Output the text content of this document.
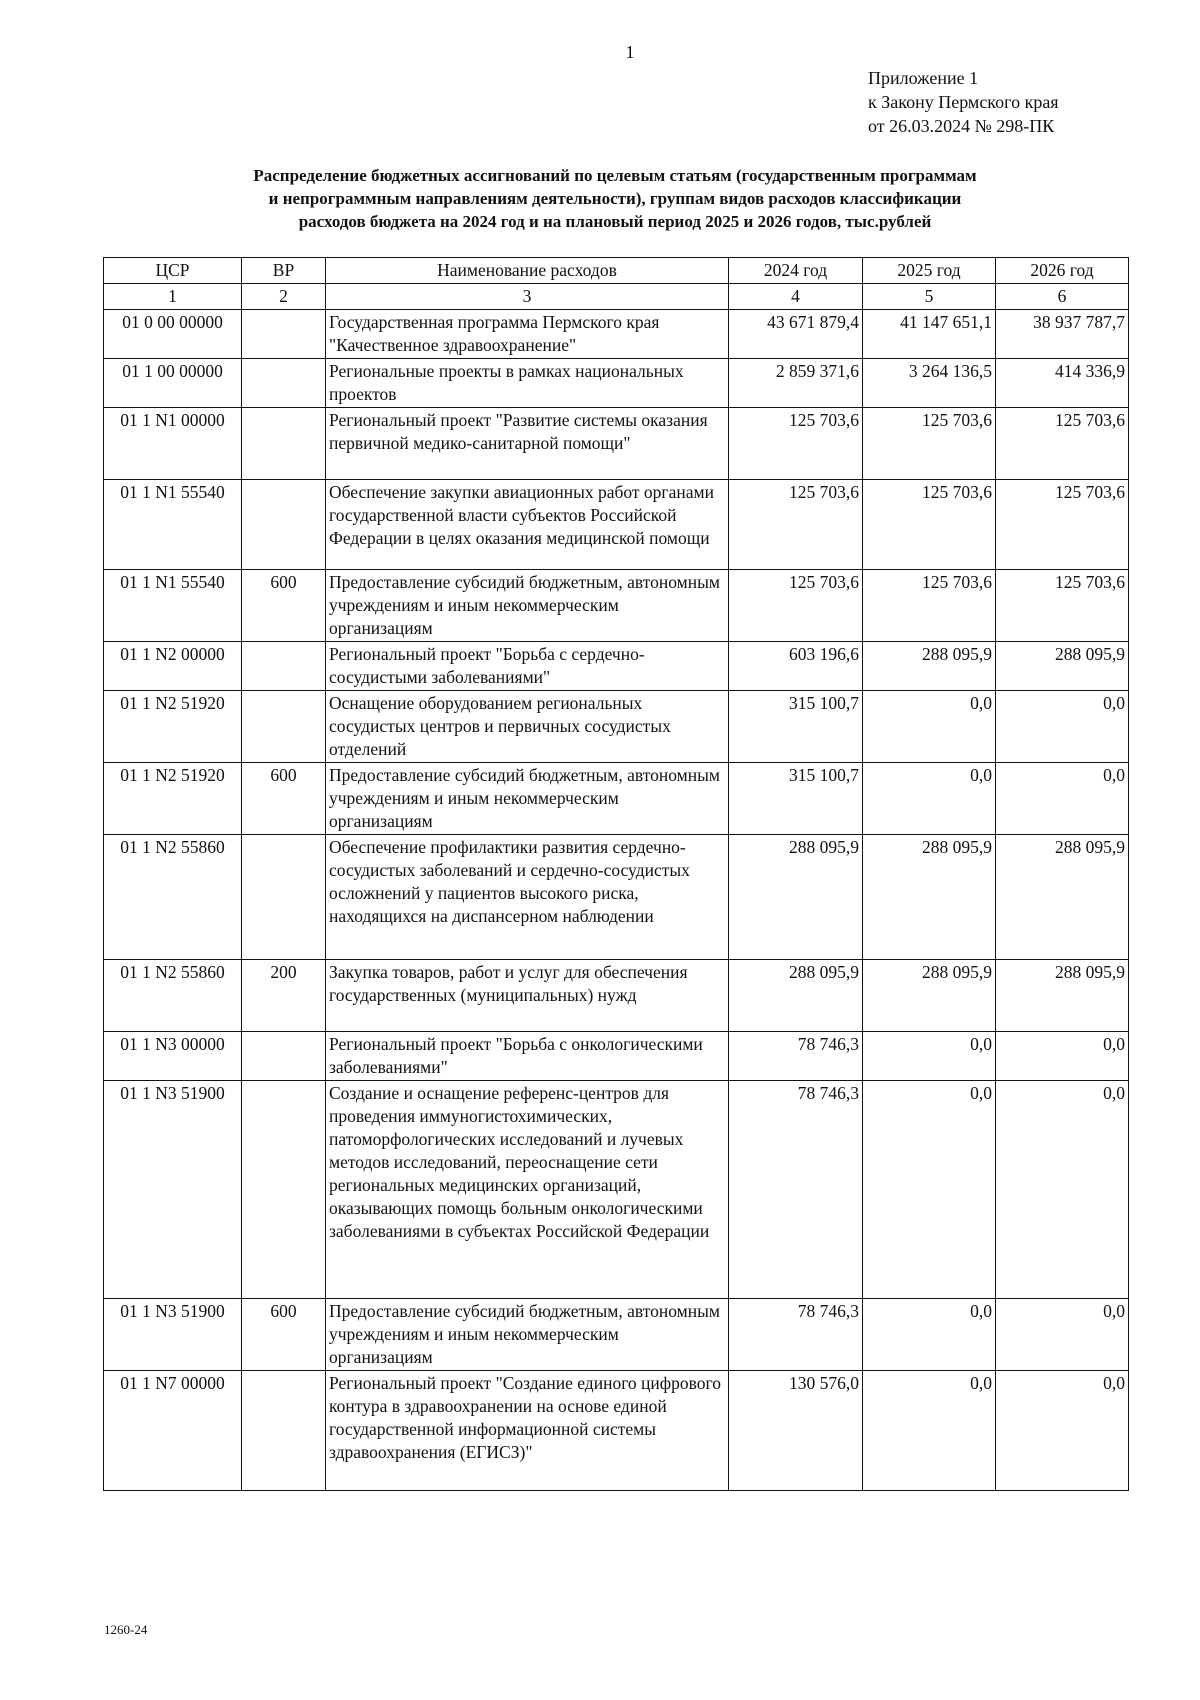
1
Приложение 1
к Закону Пермского края
от 26.03.2024 № 298-ПК
Распределение бюджетных ассигнований по целевым статьям (государственным программам
и непрограммным направлениям деятельности), группам видов расходов классификации
расходов бюджета на 2024 год и на плановый период 2025 и 2026 годов, тыс.рублей
ЦСР	ВР	Наименование расходов	2024 год	2025 год	2026 год
1	2	3	4	5	6
01 0 00 00000		Государственная программа Пермского края "Качественное здравоохранение"	43 671 879,4	41 147 651,1	38 937 787,7
01 1 00 00000		Региональные проекты в рамках национальных проектов	2 859 371,6	3 264 136,5	414 336,9
01 1 N1 00000		Региональный проект "Развитие системы оказания первичной медико-санитарной помощи"	125 703,6	125 703,6	125 703,6
01 1 N1 55540		Обеспечение закупки авиационных работ органами государственной власти субъектов Российской Федерации в целях оказания медицинской помощи	125 703,6	125 703,6	125 703,6
01 1 N1 55540	600	Предоставление субсидий бюджетным, автономным учреждениям и иным некоммерческим организациям	125 703,6	125 703,6	125 703,6
01 1 N2 00000		Региональный проект "Борьба с сердечно-сосудистыми заболеваниями"	603 196,6	288 095,9	288 095,9
01 1 N2 51920		Оснащение оборудованием региональных сосудистых центров и первичных сосудистых отделений	315 100,7	0,0	0,0
01 1 N2 51920	600	Предоставление субсидий бюджетным, автономным учреждениям и иным некоммерческим организациям	315 100,7	0,0	0,0
01 1 N2 55860		Обеспечение профилактики развития сердечно-сосудистых заболеваний и сердечно-сосудистых осложнений у пациентов высокого риска, находящихся на диспансерном наблюдении	288 095,9	288 095,9	288 095,9
01 1 N2 55860	200	Закупка товаров, работ и услуг для обеспечения государственных (муниципальных) нужд	288 095,9	288 095,9	288 095,9
01 1 N3 00000		Региональный проект "Борьба с онкологическими заболеваниями"	78 746,3	0,0	0,0
01 1 N3 51900		Создание и оснащение референс-центров для проведения иммуногистохимических, патоморфологических исследований и лучевых методов исследований, переоснащение сети региональных медицинских организаций, оказывающих помощь больным онкологическими заболеваниями в субъектах Российской Федерации	78 746,3	0,0	0,0
01 1 N3 51900	600	Предоставление субсидий бюджетным, автономным учреждениям и иным некоммерческим организациям	78 746,3	0,0	0,0
01 1 N7 00000		Региональный проект "Создание единого цифрового контура в здравоохранении на основе единой государственной информационной системы здравоохранения (ЕГИСЗ)"	130 576,0	0,0	0,0
1260-24
